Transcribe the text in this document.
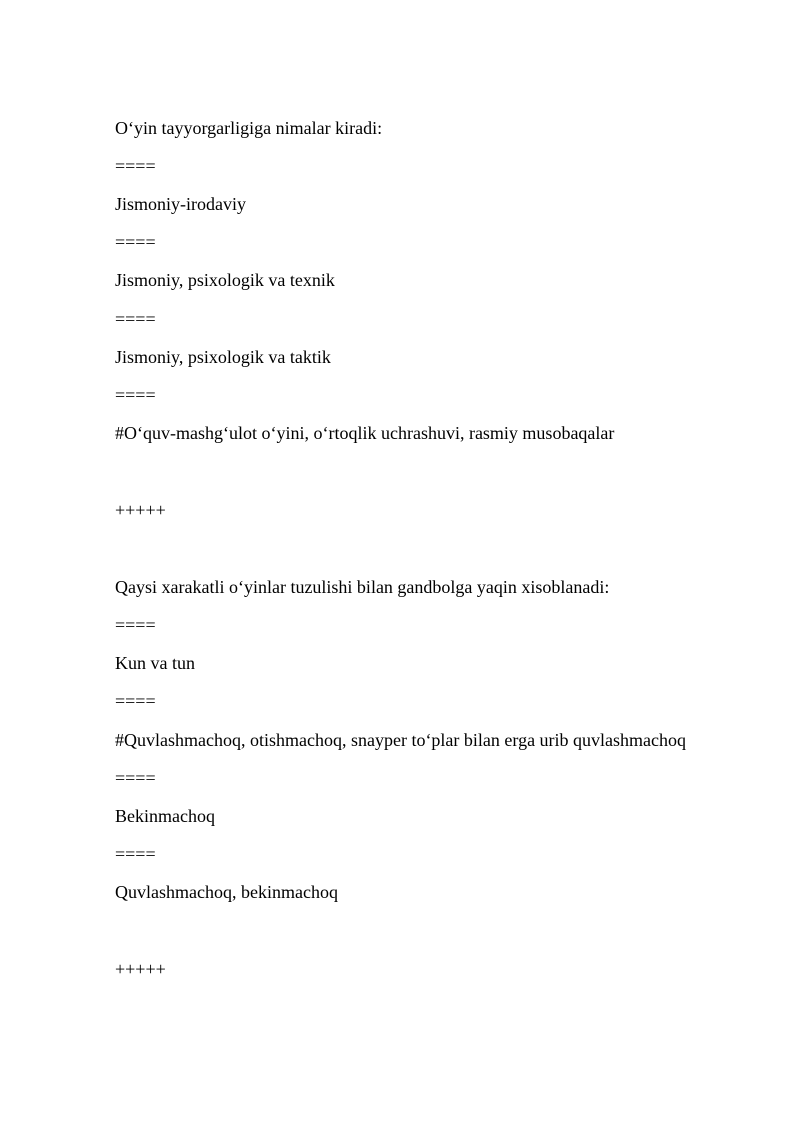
O‘yin tayyorgarligiga nimalar kiradi:
====
Jismoniy-irodaviy
====
Jismoniy, psixologik va texnik
====
Jismoniy, psixologik va taktik
====
#O‘quv-mashg‘ulot o‘yini, o‘rtoqlik uchrashuvi, rasmiy musobaqalar
+++++
Qaysi xarakatli o‘yinlar tuzulishi bilan gandbolga yaqin xisoblanadi:
====
Kun va tun
====
#Quvlashmachoq, otishmachoq, snayper to‘plar bilan erga urib quvlashmachoq
====
Bekinmachoq
====
Quvlashmachoq, bekinmachoq
+++++
